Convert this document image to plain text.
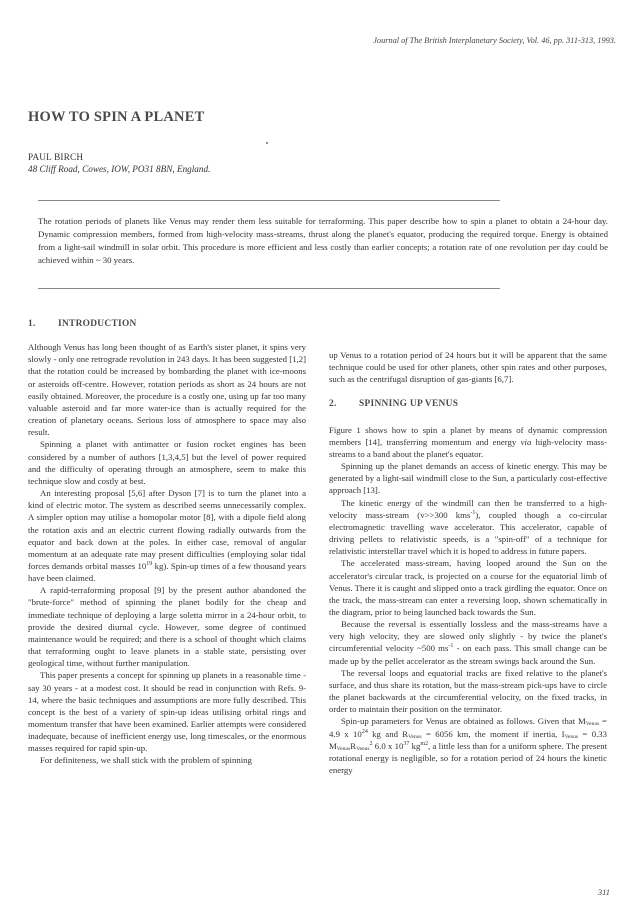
Journal of The British Interplanetary Society, Vol. 46, pp. 311-313, 1993.
HOW TO SPIN A PLANET
PAUL BIRCH
48 Cliff Road, Cowes, IOW, PO31 8BN, England.

The rotation periods of planets like Venus may render them less suitable for terraforming. This paper describe how to spin a planet to obtain a 24-hour day. Dynamic compression members, formed from high-velocity mass-streams, thrust along the planet's equator, producing the required torque. Energy is obtained from a light-sail windmill in solar orbit. This procedure is more efficient and less costly than earlier concepts; a rotation rate of one revolution per day could be achieved within ~ 30 years.

1. INTRODUCTION

Although Venus has long been thought of as Earth's sister planet, it spins very slowly - only one retrograde revolution in 243 days. It has been suggested [1,2] that the rotation could be increased by bombarding the planet with ice-moons or asteroids off-centre. However, rotation periods as short as 24 hours are not easily obtained. Moreover, the procedure is a costly one, using up far too many valuable asteroid and far more water-ice than is actually required for the creation of planetary oceans. Serious loss of atmosphere to space may also result.

Spinning a planet with antimatter or fusion rocket engines has been considered by a number of authors [1,3,4,5] but the level of power required and the difficulty of operating through an atmosphere, seem to make this technique slow and costly at best.

An interesting proposal [5,6] after Dyson [7] is to turn the planet into a kind of electric motor. The system as described seems unnecessarily complex. A simpler option may utilise a homopolar motor [8], with a dipole field along the rotation axis and an electric current flowing radially outwards from the equator and back down at the poles. In either case, removal of angular momentum at an adequate rate may present difficulties (employing solar tidal forces demands orbital masses $10^{19}$ kg). Spin-up times of a few thousand years have been claimed.

A rapid-terraforming proposal [9] by the present author abandoned the "brute-force" method of spinning the planet bodily for the cheap and immediate technique of deploying a large soletta mirror in a 24-hour orbit, to provide the desired diurnal cycle. However, some degree of continued maintenance would be required; and there is a school of thought which claims that terraforming ought to leave planets in a stable state, persisting over geological time, without further manipulation.

This paper presents a concept for spinning up planets in a reasonable time - say 30 years - at a modest cost. It should be read in conjunction with Refs. 9-14, where the basic techniques and assumptions are more fully described. This concept is the best of a variety of spin-up ideas utilising orbital rings and momentum transfer that have been examined. Earlier attempts were considered inadequate, because of inefficient energy use, long timescales, or the enormous masses required for rapid spin-up.

For definiteness, we shall stick with the problem of spinning

up Venus to a rotation period of 24 hours but it will be apparent that the same technique could be used for other planets, other spin rates and other purposes, such as the centrifugal disruption of gas-giants [6,7].

2. SPINNING UP VENUS

Figure 1 shows how to spin a planet by means of dynamic compression members [14], transferring momentum and energy via high-velocity mass-streams to a band about the planet's equator.

Spinning up the planet demands an access of kinetic energy. This may be generated by a light-sail windmill close to the Sun, a particularly cost-effective approach [13].

The kinetic energy of the windmill can then be transferred to a high-velocity mass-stream (v>>300 kms$^{-1}$), coupled though a co-circular electromagnetic travelling wave accelerator. This accelerator, capable of driving pellets to relativistic speeds, is a "spin-off" of a technique for relativistic interstellar travel which it is hoped to address in future papers.

The accelerated mass-stream, having looped around the Sun on the accelerator's circular track, is projected on a course for the equatorial limb of Venus. There it is caught and slipped onto a track girdling the equator. Once on the track, the mass-stream can enter a reversing loop, shown schematically in the diagram, prior to being launched back towards the Sun.

Because the reversal is essentially lossless and the mass-streams have a very high velocity, they are slowed only slightly - by twice the planet's circumferential velocity ~500 $ms^{-1}$ - on each pass. This small change can be made up by the pellet accelerator as the stream swings back around the Sun.

The reversal loops and equatorial tracks are fixed relative to the planet's surface, and thus share its rotation, but the mass-stream pick-ups have to circle the planet backwards at the circumferential velocity, on the fixed tracks, in order to maintain their position on the terminator.

Spin-up parameters for Venus are obtained as follows. Given that $M_{Venus} = 4.9$ x $10^{24}$ kg and $R_{Venus} = 6056$ km, the moment if inertia, $I_{Venus} = 0.33$ $M_{Venus}R_{Venus}^2$ 6.0 x $10^{37}$ $kg^{m2}$, a little less than for a uniform sphere. The present rotational energy is negligible, so for a rotation period of 24 hours the kinetic energy

311
